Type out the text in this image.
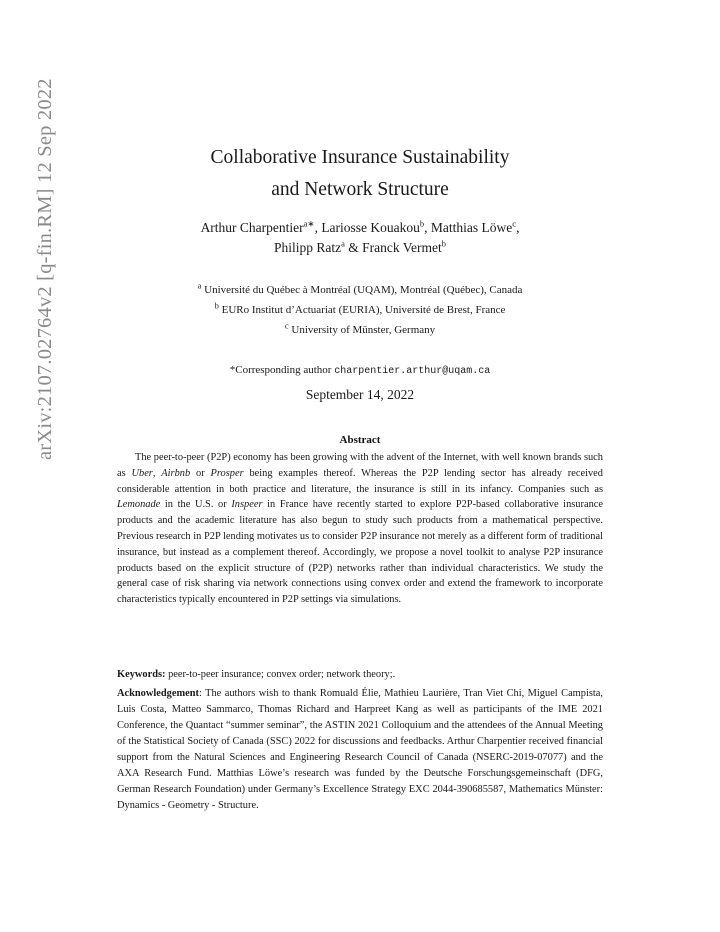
arXiv:2107.02764v2 [q-fin.RM] 12 Sep 2022	Collaborative Insurance Sustainability
and Network Structure
Arthur Charpentier$^{a∗}$, Lariosse Kouakou$^b$, Matthias Löwe$^c$,
Philipp Ratz$^a$ & Franck Vermet$^b$
$^a$ Université du Québec à Montréal (UQAM), Montréal (Québec), Canada
$^b$ EURo Institut d’Actuariat (EURIA), Université de Brest, France
$^c$ University of Münster, Germany
*Corresponding author charpentier.arthur@uqam.ca
September 14, 2022
Abstract

The peer-to-peer (P2P) economy has been growing with the advent of the Internet, with well known brands such as Uber, Airbnb or Prosper being examples thereof. Whereas the P2P lending sector has already received considerable attention in both practice and literature, the insurance is still in its infancy. Companies such as Lemonade in the U.S. or Inspeer in France have recently started to explore P2P-based collaborative insurance products and the academic literature has also begun to study such products from a mathematical perspective. Previous research in P2P lending motivates us to consider P2P insurance not merely as a different form of traditional insurance, but instead as a complement thereof. Accordingly, we propose a novel toolkit to analyse P2P insurance products based on the explicit structure of (P2P) networks rather than individual characteristics. We study the general case of risk sharing via network connections using convex order and extend the framework to incorporate characteristics typically encountered in P2P settings via simulations.

Keywords: peer-to-peer insurance; convex order; network theory;.

Acknowledgement: The authors wish to thank Romuald Élie, Mathieu Laurière, Tran Viet Chi, Miguel Campista, Luis Costa, Matteo Sammarco, Thomas Richard and Harpreet Kang as well as participants of the IME 2021 Conference, the Quantact “summer seminar”, the ASTIN 2021 Colloquium and the attendees of the Annual Meeting of the Statistical Society of Canada (SSC) 2022 for discussions and feedbacks. Arthur Charpentier received financial support from the Natural Sciences and Engineering Research Council of Canada (NSERC-2019-07077) and the AXA Research Fund. Matthias Löwe’s research was funded by the Deutsche Forschungsgemeinschaft (DFG, German Research Foundation) under Germany’s Excellence Strategy EXC 2044-390685587, Mathematics Münster: Dynamics - Geometry - Structure.
